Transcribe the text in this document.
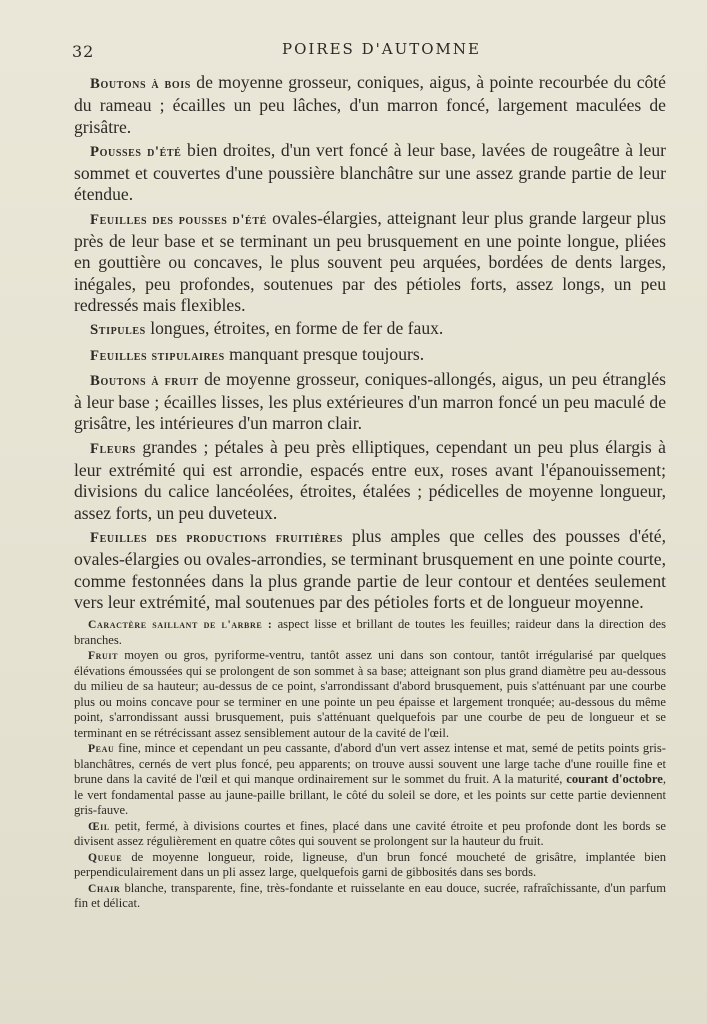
32	POIRES D'AUTOMNE

Boutons à bois de moyenne grosseur, coniques, aigus, à pointe recourbée du côté du rameau ; écailles un peu lâches, d'un marron foncé, largement maculées de grisâtre.

Pousses d'été bien droites, d'un vert foncé à leur base, lavées de rougeâtre à leur sommet et couvertes d'une poussière blanchâtre sur une assez grande partie de leur étendue.

Feuilles des pousses d'été ovales-élargies, atteignant leur plus grande largeur plus près de leur base et se terminant un peu brusquement en une pointe longue, pliées en gouttière ou concaves, le plus souvent peu arquées, bordées de dents larges, inégales, peu profondes, soutenues par des pétioles forts, assez longs, un peu redressés mais flexibles.

Stipules longues, étroites, en forme de fer de faux.

Feuilles stipulaires manquant presque toujours.

Boutons à fruit de moyenne grosseur, coniques-allongés, aigus, un peu étranglés à leur base ; écailles lisses, les plus extérieures d'un marron foncé un peu maculé de grisâtre, les intérieures d'un marron clair.

Fleurs grandes ; pétales à peu près elliptiques, cependant un peu plus élargis à leur extrémité qui est arrondie, espacés entre eux, roses avant l'épanouissement; divisions du calice lancéolées, étroites, étalées ; pédicelles de moyenne longueur, assez forts, un peu duveteux.

Feuilles des productions fruitières plus amples que celles des pousses d'été, ovales-élargies ou ovales-arrondies, se terminant brusquement en une pointe courte, comme festonnées dans la plus grande partie de leur contour et dentées seulement vers leur extrémité, mal soutenues par des pétioles forts et de longueur moyenne.

Caractère saillant de l'arbre : aspect lisse et brillant de toutes les feuilles; raideur dans la direction des branches.

Fruit moyen ou gros, pyriforme-ventru, tantôt assez uni dans son contour, tantôt irrégularisé par quelques élévations émoussées qui se prolongent de son sommet à sa base; atteignant son plus grand diamètre peu au-dessous du milieu de sa hauteur; au-dessus de ce point, s'arrondissant d'abord brusquement, puis s'atténuant par une courbe plus ou moins concave pour se terminer en une pointe un peu épaisse et largement tronquée; au-dessous du même point, s'arrondissant aussi brusquement, puis s'atténuant quelquefois par une courbe de peu de longueur et se terminant en se rétrécissant assez sensiblement autour de la cavité de l'œil.

Peau fine, mince et cependant un peu cassante, d'abord d'un vert assez intense et mat, semé de petits points gris-blanchâtres, cernés de vert plus foncé, peu apparents; on trouve aussi souvent une large tache d'une rouille fine et brune dans la cavité de l'œil et qui manque ordinairement sur le sommet du fruit. A la maturité, courant d'octobre, le vert fondamental passe au jaune-paille brillant, le côté du soleil se dore, et les points sur cette partie deviennent gris-fauve.

Œil petit, fermé, à divisions courtes et fines, placé dans une cavité étroite et peu profonde dont les bords se divisent assez régulièrement en quatre côtes qui souvent se prolongent sur la hauteur du fruit.

Queue de moyenne longueur, roide, ligneuse, d'un brun foncé moucheté de grisâtre, implantée bien perpendiculairement dans un pli assez large, quelquefois garni de gibbosités dans ses bords.

Chair blanche, transparente, fine, très-fondante et ruisselante en eau douce, sucrée, rafraîchissante, d'un parfum fin et délicat.
